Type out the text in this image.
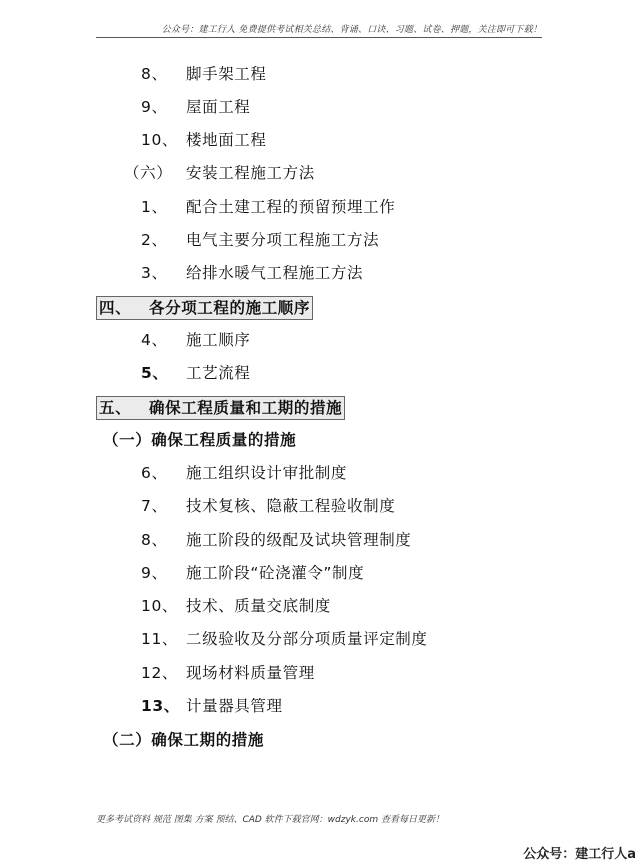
公众号：建工行人 免费提供考试相关总结、背诵、口诀、习题、试卷、押题，关注即可下载！
8、 脚手架工程
9、 屋面工程
10、 楼地面工程
（六） 安装工程施工方法
1、 配合土建工程的预留预埋工作
2、 电气主要分项工程施工方法
3、 给排水暖气工程施工方法
四、 各分项工程的施工顺序
4、 施工顺序
5、 工艺流程
五、 确保工程质量和工期的措施
（一）确保工程质量的措施
6、 施工组织设计审批制度
7、 技术复核、隐蔽工程验收制度
8、 施工阶段的级配及试块管理制度
9、 施工阶段“砼浇灌令”制度
10、 技术、质量交底制度
11、 二级验收及分部分项质量评定制度
12、 现场材料质量管理
13、 计量器具管理
（二）确保工期的措施
更多考试资料 规范 图集 方案 预结、CAD 软件下载官网：wdzyk.com 查看每日更新！
公众号：建工行人a
